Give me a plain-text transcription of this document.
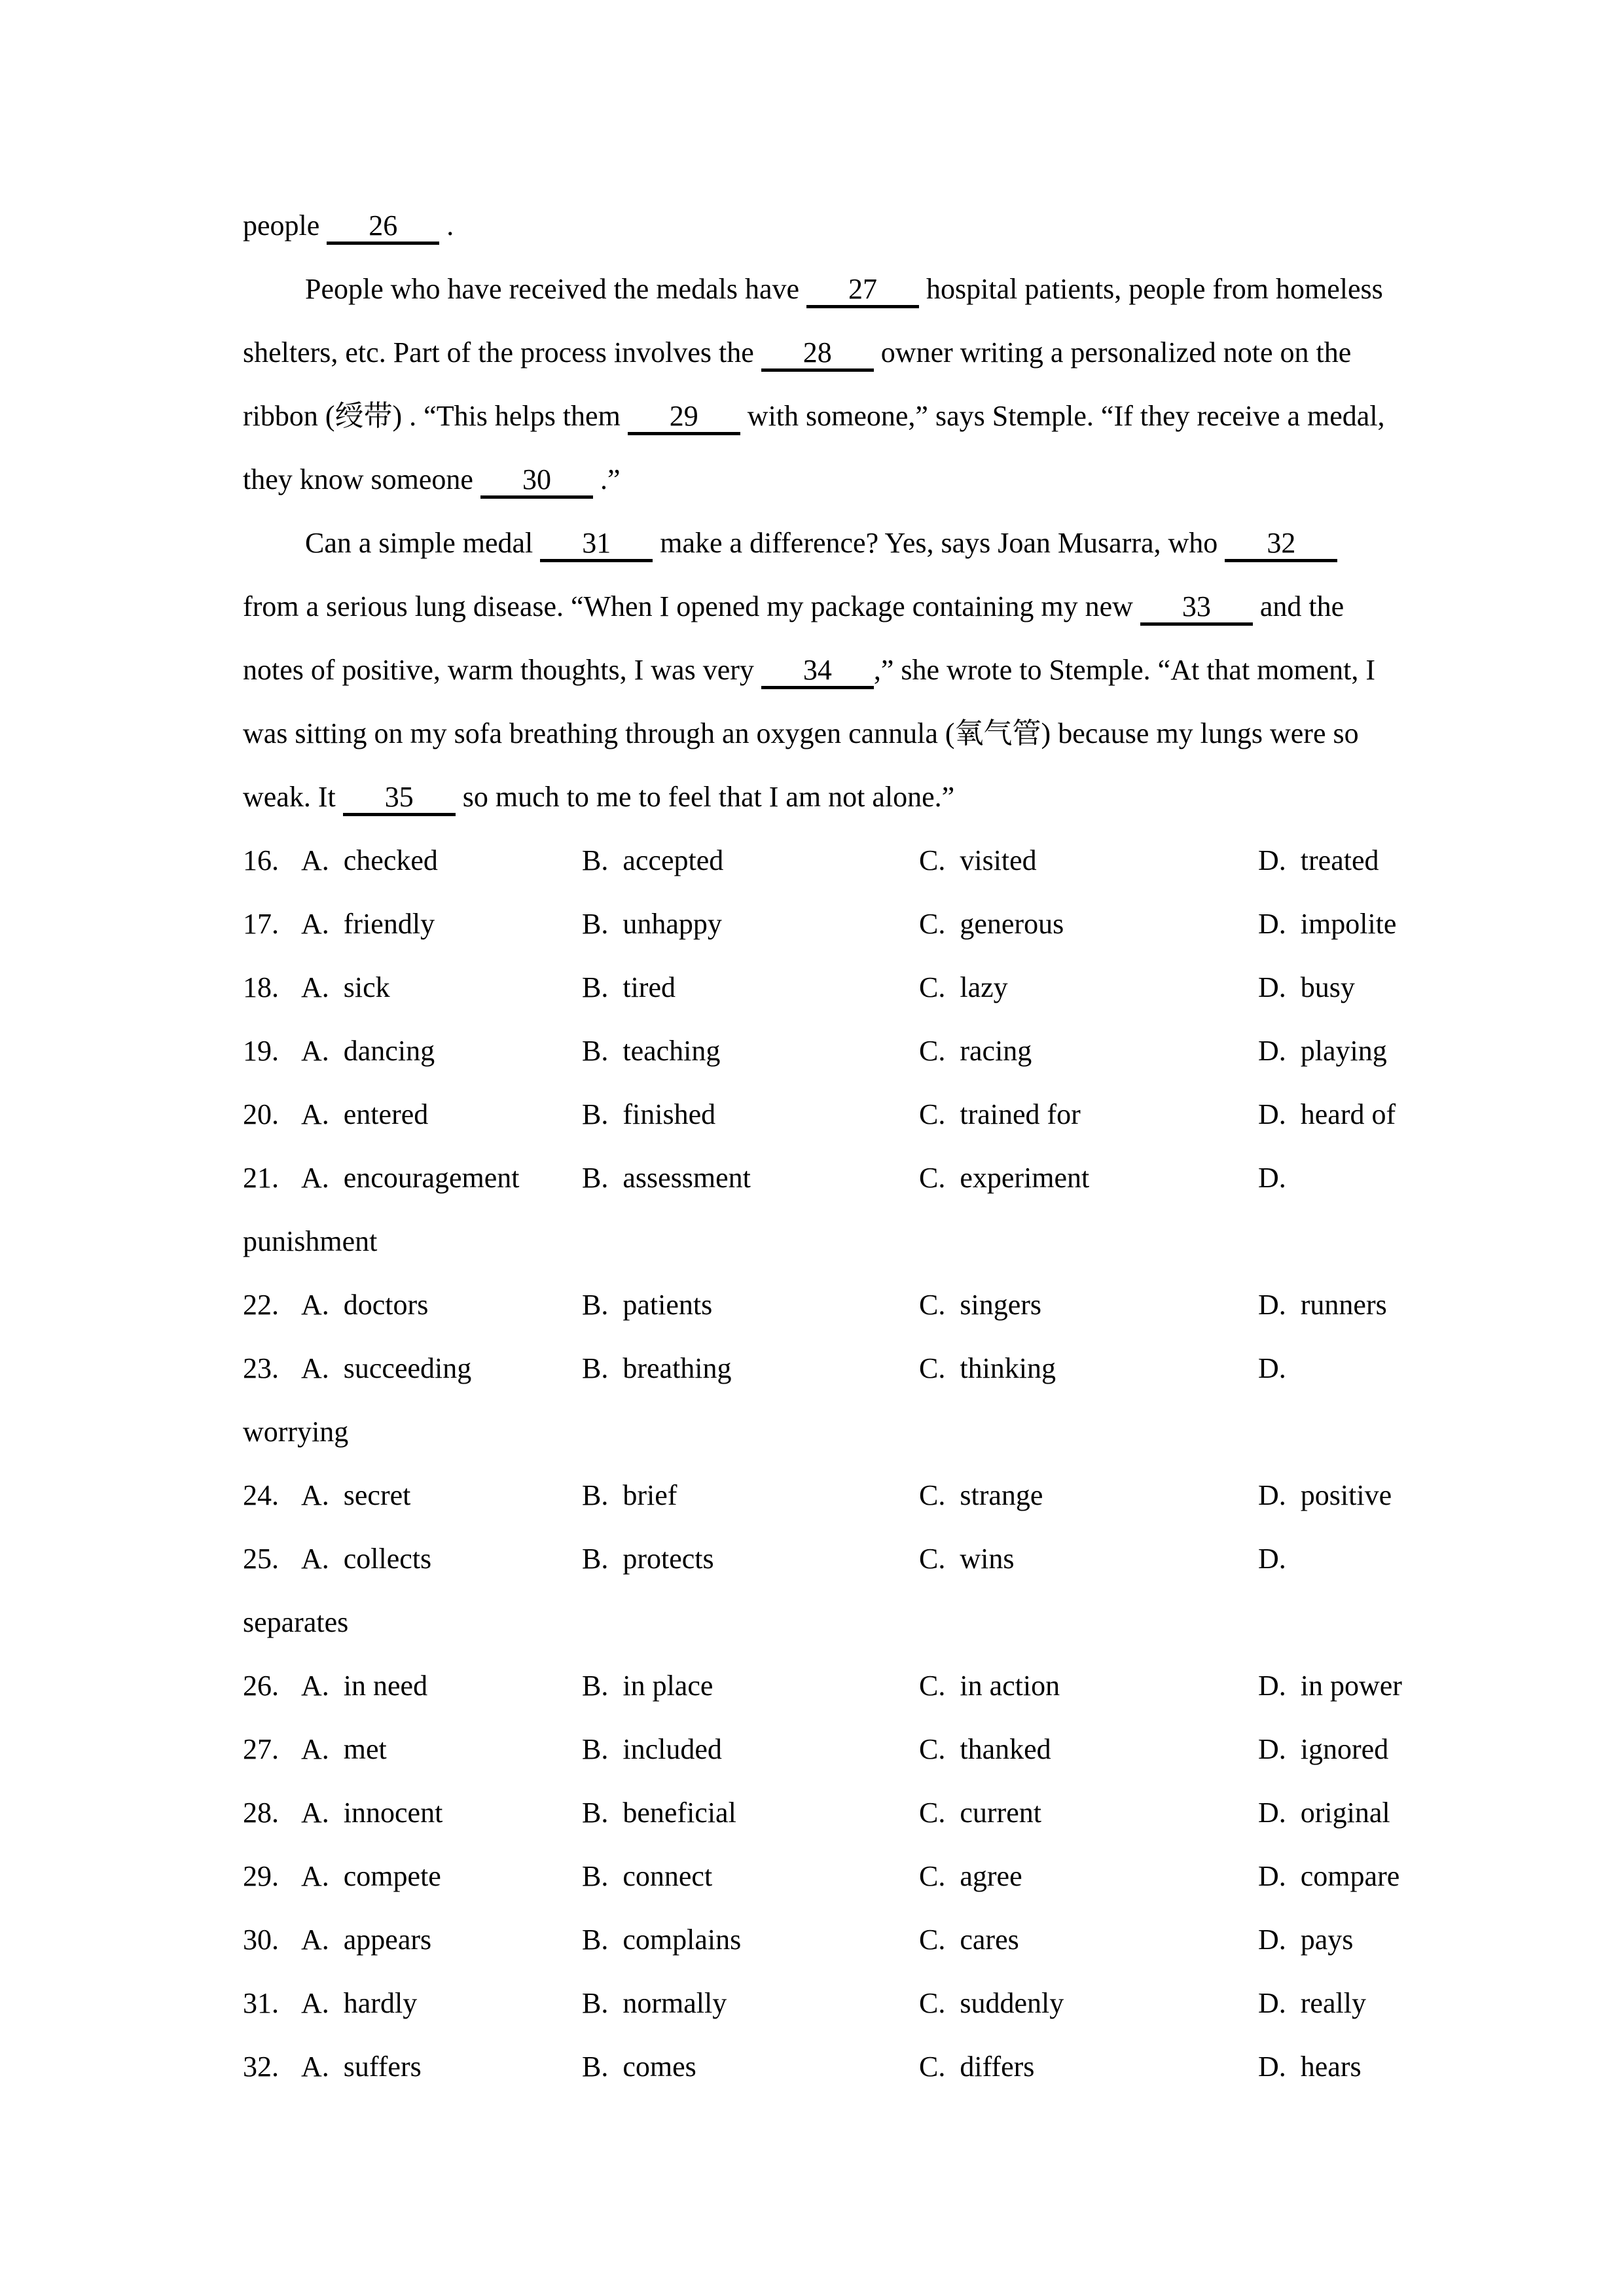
people 26 .
People who have received the medals have 27 hospital patients, people from homeless
shelters, etc. Part of the process involves the 28 owner writing a personalized note on the
ribbon (绶带) . “This helps them 29 with someone,” says Stemple. “If they receive a medal,
they know someone 30 .”
Can a simple medal 31 make a difference? Yes, says Joan Musarra, who 32
from a serious lung disease. “When I opened my package containing my new 33 and the
notes of positive, warm thoughts, I was very 34 ,” she wrote to Stemple. “At that moment, I
was sitting on my sofa breathing through an oxygen cannula (氧气管) because my lungs were so
weak. It 35 so much to me to feel that I am not alone.”
16. A. checked	B. accepted	C. visited	D. treated
17. A. friendly	B. unhappy	C. generous	D. impolite
18. A. sick	B. tired	C. lazy	D. busy
19. A. dancing	B. teaching	C. racing	D. playing
20. A. entered	B. finished	C. trained for	D. heard of
21. A. encouragement B. assessment	C. experiment	D.
punishment
22. A. doctors	B. patients	C. singers	D. runners
23. A. succeeding	B. breathing	C. thinking	D.
worrying
24. A. secret	B. brief	C. strange	D. positive
25. A. collects	B. protects	C. wins	D.
separates
26. A. in need	B. in place	C. in action	D. in power
27. A. met	B. included	C. thanked	D. ignored
28. A. innocent	B. beneficial	C. current	D. original
29. A. compete	B. connect	C. agree	D. compare
30. A. appears	B. complains	C. cares	D. pays
31. A. hardly	B. normally	C. suddenly	D. really
32. A. suffers	B. comes	C. differs	D. hears
